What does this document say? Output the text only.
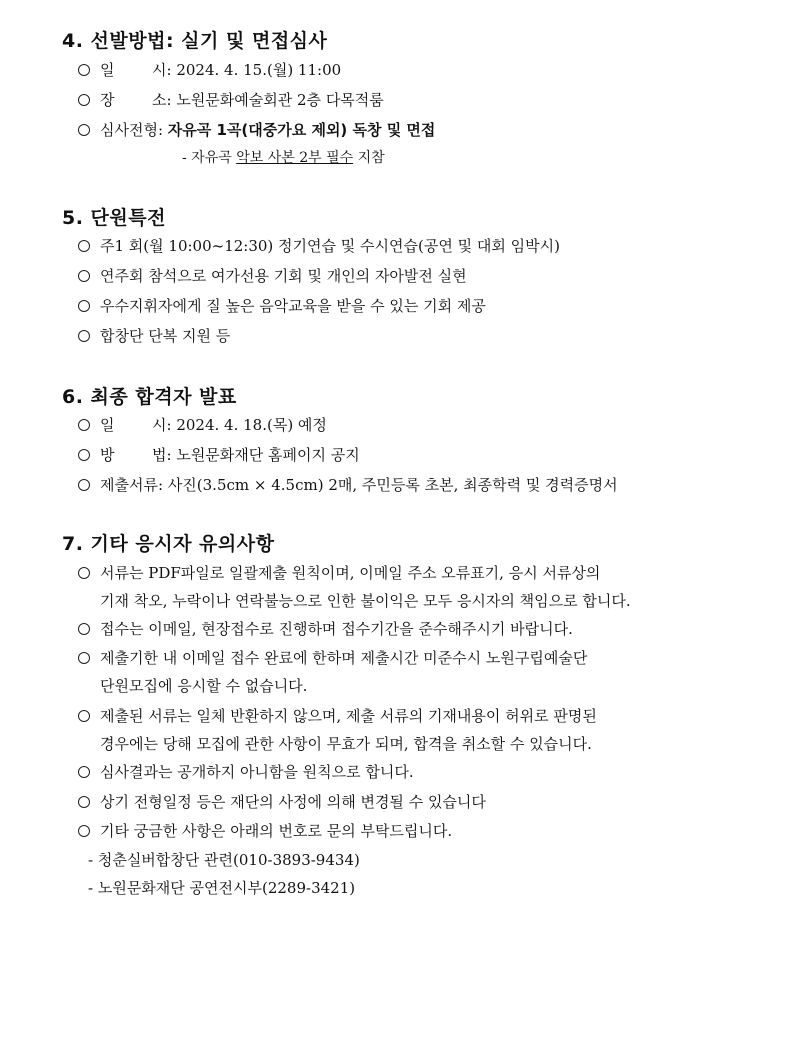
4. 선발방법: 실기 및 면접심사
일	시: 2024. 4. 15.(월) 11:00
장	소: 노원문화예술회관 2층 다목적룸
심사전형: 자유곡 1곡(대중가요 제외) 독창 및 면접
- 자유곡 악보 사본 2부 필수 지참
5. 단원특전
주1 회(월 10:00~12:30) 정기연습 및 수시연습(공연 및 대회 임박시)
연주회 참석으로 여가선용 기회 및 개인의 자아발전 실현
우수지휘자에게 질 높은 음악교육을 받을 수 있는 기회 제공
합창단 단복 지원 등
6. 최종 합격자 발표
일	시: 2024. 4. 18.(목) 예정
방	법: 노원문화재단 홈페이지 공지
제출서류: 사진(3.5cm × 4.5cm) 2매, 주민등록 초본, 최종학력 및 경력증명서
7. 기타 응시자 유의사항
서류는 PDF파일로 일괄제출 원칙이며, 이메일 주소 오류표기, 응시 서류상의
기재 착오, 누락이나 연락불능으로 인한 불이익은 모두 응시자의 책임으로 합니다.
접수는 이메일, 현장접수로 진행하며 접수기간을 준수해주시기 바랍니다.
제출기한 내 이메일 접수 완료에 한하며 제출시간 미준수시 노원구립예술단
단원모집에 응시할 수 없습니다.
제출된 서류는 일체 반환하지 않으며, 제출 서류의 기재내용이 허위로 판명된
경우에는 당해 모집에 관한 사항이 무효가 되며, 합격을 취소할 수 있습니다.
심사결과는 공개하지 아니함을 원칙으로 합니다.
상기 전형일정 등은 재단의 사정에 의해 변경될 수 있습니다
기타 궁금한 사항은 아래의 번호로 문의 부탁드립니다.
- 청춘실버합창단 관련(010-3893-9434)
- 노원문화재단 공연전시부(2289-3421)
